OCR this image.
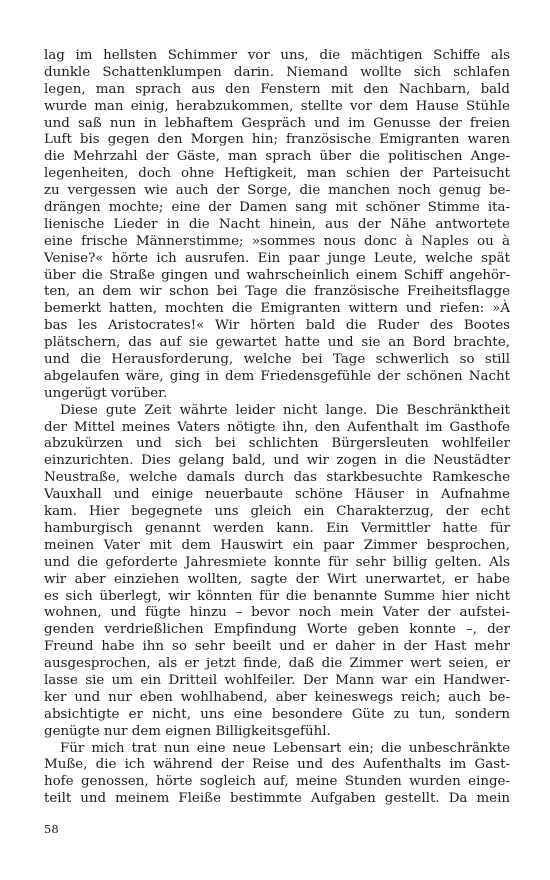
lag im hellsten Schimmer vor uns, die mächtigen Schiffe als
dunkle Schattenklumpen darin. Niemand wollte sich schlafen
legen, man sprach aus den Fenstern mit den Nachbarn, bald
wurde man einig, herabzukommen, stellte vor dem Hause Stühle
und saß nun in lebhaftem Gespräch und im Genusse der freien
Luft bis gegen den Morgen hin; französische Emigranten waren
die Mehrzahl der Gäste, man sprach über die politischen Ange-
legenheiten, doch ohne Heftigkeit, man schien der Parteisucht
zu vergessen wie auch der Sorge, die manchen noch genug be-
drängen mochte; eine der Damen sang mit schöner Stimme ita-
lienische Lieder in die Nacht hinein, aus der Nähe antwortete
eine frische Männerstimme; »sommes nous donc à Naples ou à
Venise?« hörte ich ausrufen. Ein paar junge Leute, welche spät
über die Straße gingen und wahrscheinlich einem Schiff angehör-
ten, an dem wir schon bei Tage die französische Freiheitsflagge
bemerkt hatten, mochten die Emigranten wittern und riefen: »À
bas les Aristocrates!« Wir hörten bald die Ruder des Bootes
plätschern, das auf sie gewartet hatte und sie an Bord brachte,
und die Herausforderung, welche bei Tage schwerlich so still
abgelaufen wäre, ging in dem Friedensgefühle der schönen Nacht
ungerügt vorüber.
Diese gute Zeit währte leider nicht lange. Die Beschränktheit
der Mittel meines Vaters nötigte ihn, den Aufenthalt im Gasthofe
abzukürzen und sich bei schlichten Bürgersleuten wohlfeiler
einzurichten. Dies gelang bald, und wir zogen in die Neustädter
Neustraße, welche damals durch das starkbesuchte Ramkesche
Vauxhall und einige neuerbaute schöne Häuser in Aufnahme
kam. Hier begegnete uns gleich ein Charakterzug, der echt
hamburgisch genannt werden kann. Ein Vermittler hatte für
meinen Vater mit dem Hauswirt ein paar Zimmer besprochen,
und die geforderte Jahresmiete konnte für sehr billig gelten. Als
wir aber einziehen wollten, sagte der Wirt unerwartet, er habe
es sich überlegt, wir könnten für die benannte Summe hier nicht
wohnen, und fügte hinzu – bevor noch mein Vater der aufstei-
genden verdrießlichen Empfindung Worte geben konnte –, der
Freund habe ihn so sehr beeilt und er daher in der Hast mehr
ausgesprochen, als er jetzt finde, daß die Zimmer wert seien, er
lasse sie um ein Dritteil wohlfeiler. Der Mann war ein Handwer-
ker und nur eben wohlhabend, aber keineswegs reich; auch be-
absichtigte er nicht, uns eine besondere Güte zu tun, sondern
genügte nur dem eignen Billigkeitsgefühl.
Für mich trat nun eine neue Lebensart ein; die unbeschränkte
Muße, die ich während der Reise und des Aufenthalts im Gast-
hofe genossen, hörte sogleich auf, meine Stunden wurden einge-
teilt und meinem Fleiße bestimmte Aufgaben gestellt. Da mein
58
